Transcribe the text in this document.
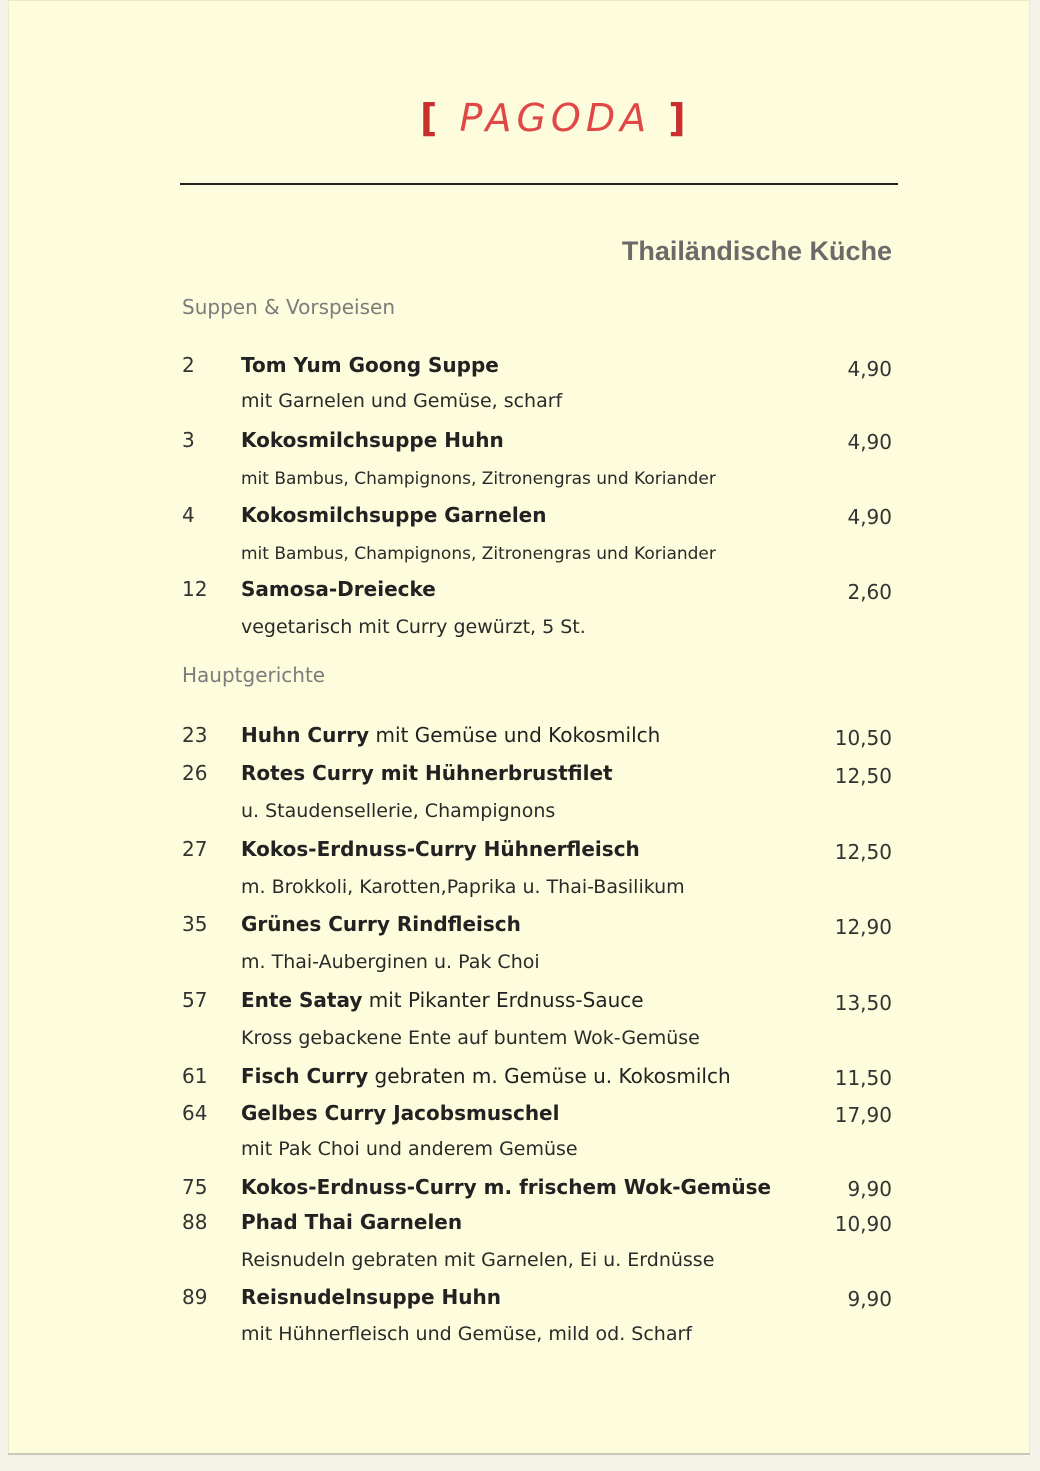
[ PAGODA ]
Thailändische Küche
Suppen & Vorspeisen
Hauptgerichte
2 Tom Yum Goong Suppe	4,90
mit Garnelen und Gemüse, scharf
3 Kokosmilchsuppe Huhn	4,90
mit Bambus, Champignons, Zitronengras und Koriander
4 Kokosmilchsuppe Garnelen	4,90
mit Bambus, Champignons, Zitronengras und Koriander
12 Samosa-Dreiecke	2,60
vegetarisch mit Curry gewürzt, 5 St.
23 Huhn Curry mit Gemüse und Kokosmilch	10,50
26 Rotes Curry mit Hühnerbrustfilet	12,50
u. Staudensellerie, Champignons
27 Kokos-Erdnuss-Curry Hühnerfleisch	12,50
m. Brokkoli, Karotten,Paprika u. Thai-Basilikum
35 Grünes Curry Rindfleisch	12,90
m. Thai-Auberginen u. Pak Choi
57 Ente Satay mit Pikanter Erdnuss-Sauce	13,50
Kross gebackene Ente auf buntem Wok-Gemüse
61 Fisch Curry gebraten m. Gemüse u. Kokosmilch	11,50
64 Gelbes Curry Jacobsmuschel	17,90
mit Pak Choi und anderem Gemüse
75 Kokos-Erdnuss-Curry m. frischem Wok-Gemüse	9,90
88 Phad Thai Garnelen	10,90
Reisnudeln gebraten mit Garnelen, Ei u. Erdnüsse
89 Reisnudelnsuppe Huhn	9,90
mit Hühnerfleisch und Gemüse, mild od. Scharf
